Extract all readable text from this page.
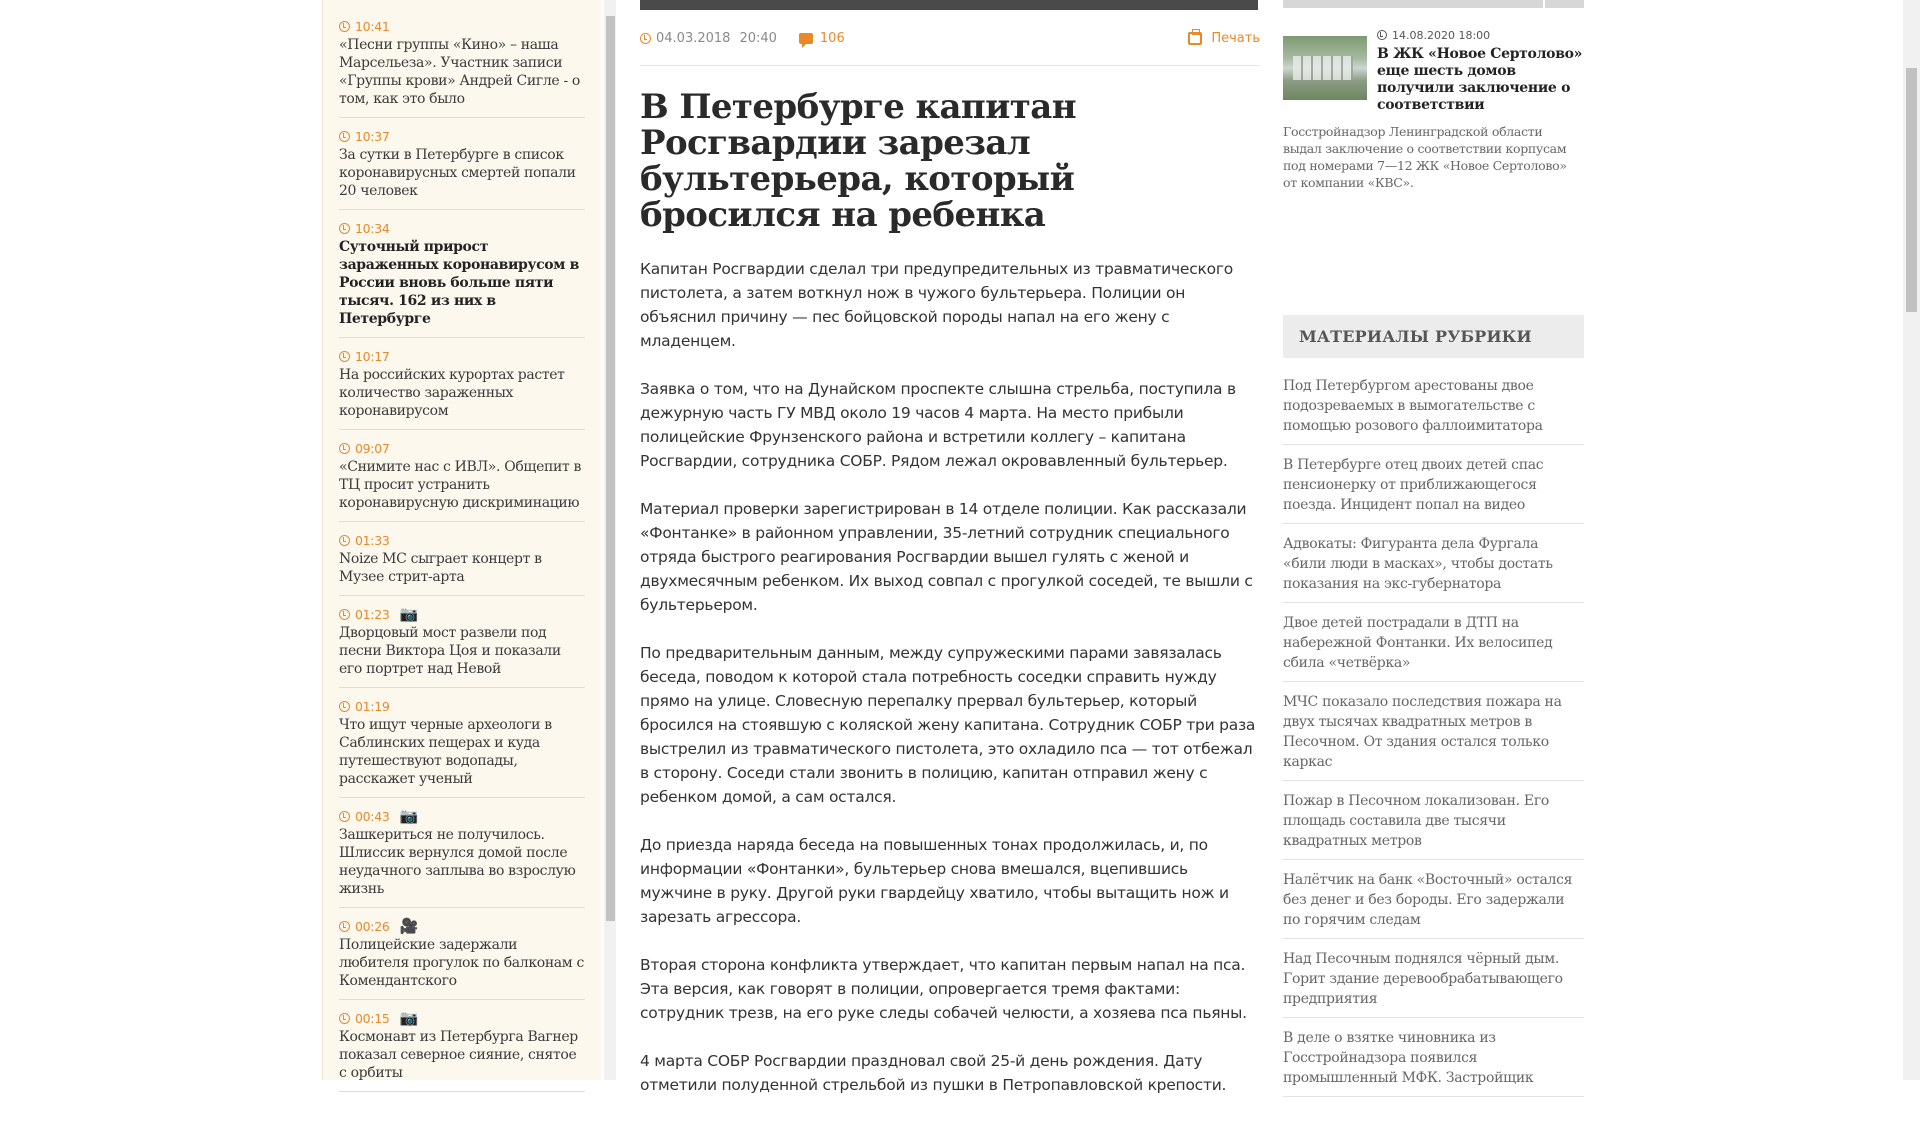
10:41
«Песни группы «Кино» – наша Марсельеза». Участник записи «Группы крови» Андрей Сигле - о том, как это было
10:37
За сутки в Петербурге в список коронавирусных смертей попали 20 человек
10:34
Суточный прирост зараженных коронавирусом в России вновь больше пяти тысяч. 162 из них в Петербурге
10:17
На российских курортах растет количество зараженных коронавирусом
09:07
«Снимите нас с ИВЛ». Общепит в ТЦ просит устранить коронавирусную дискриминацию
01:33
Noize MC сыграет концерт в Музее стрит-арта
01:23 📷
Дворцовый мост развели под песни Виктора Цоя и показали его портрет над Невой
01:19
Что ищут черные археологи в Саблинских пещерах и куда путешествуют водопады, расскажет ученый
00:43 📷
Зашкериться не получилось. Шлиссик вернулся домой после неудачного заплыва во взрослую жизнь
00:26 🎥
Полицейские задержали любителя прогулок по балконам с Комендантского
00:15 📷
Космонавт из Петербурга Вагнер показал северное сияние, снятое с орбиты
04.03.2018 20:40	106	Печать
В Петербурге капитан Росгвардии зарезал бультерьера, который бросился на ребенка

Капитан Росгвардии сделал три предупредительных из травматического пистолета, а затем воткнул нож в чужого бультерьера. Полиции он объяснил причину — пес бойцовской породы напал на его жену с младенцем.

Заявка о том, что на Дунайском проспекте слышна стрельба, поступила в дежурную часть ГУ МВД около 19 часов 4 марта. На место прибыли полицейские Фрунзенского района и встретили коллегу – капитана Росгвардии, сотрудника СОБР. Рядом лежал окровавленный бультерьер.

Материал проверки зарегистрирован в 14 отделе полиции. Как рассказали «Фонтанке» в районном управлении, 35-летний сотрудник специального отряда быстрого реагирования Росгвардии вышел гулять с женой и двухмесячным ребенком. Их выход совпал с прогулкой соседей, те вышли с бультерьером.

По предварительным данным, между супружескими парами завязалась беседа, поводом к которой стала потребность соседки справить нужду прямо на улице. Словесную перепалку прервал бультерьер, который бросился на стоявшую с коляской жену капитана. Сотрудник СОБР три раза выстрелил из травматического пистолета, это охладило пса — тот отбежал в сторону. Соседи стали звонить в полицию, капитан отправил жену с ребенком домой, а сам остался.

До приезда наряда беседа на повышенных тонах продолжилась, и, по информации «Фонтанки», бультерьер снова вмешался, вцепившись мужчине в руку. Другой руки гвардейцу хватило, чтобы вытащить нож и зарезать агрессора.

Вторая сторона конфликта утверждает, что капитан первым напал на пса. Эта версия, как говорят в полиции, опровергается тремя фактами: сотрудник трезв, на его руке следы собачей челюсти, а хозяева пса пьяны.

4 марта СОБР Росгвардии праздновал свой 25-й день рождения. Дату отметили полуденной стрельбой из пушки в Петропавловской крепости.

14.08.2020 18:00
В ЖК «Новое Сертолово» еще шесть домов получили заключение о соответствии
Госстройнадзор Ленинградской области выдал заключение о соответствии корпусам под номерами 7—12 ЖК «Новое Сертолово» от компании «КВС».
МАТЕРИАЛЫ РУБРИКИ
Под Петербургом арестованы двое подозреваемых в вымогательстве с помощью розового фаллоимитатора
В Петербурге отец двоих детей спас пенсионерку от приближающегося поезда. Инцидент попал на видео
Адвокаты: Фигуранта дела Фургала «били люди в масках», чтобы достать показания на экс-губернатора
Двое детей пострадали в ДТП на набережной Фонтанки. Их велосипед сбила «четвёрка»
МЧС показало последствия пожара на двух тысячах квадратных метров в Песочном. От здания остался только каркас
Пожар в Песочном локализован. Его площадь составила две тысячи квадратных метров
Налётчик на банк «Восточный» остался без денег и без бороды. Его задержали по горячим следам
Над Песочным поднялся чёрный дым. Горит здание деревообрабатывающего предприятия
В деле о взятке чиновника из Госстройнадзора появился промышленный МФК. Застройщик
